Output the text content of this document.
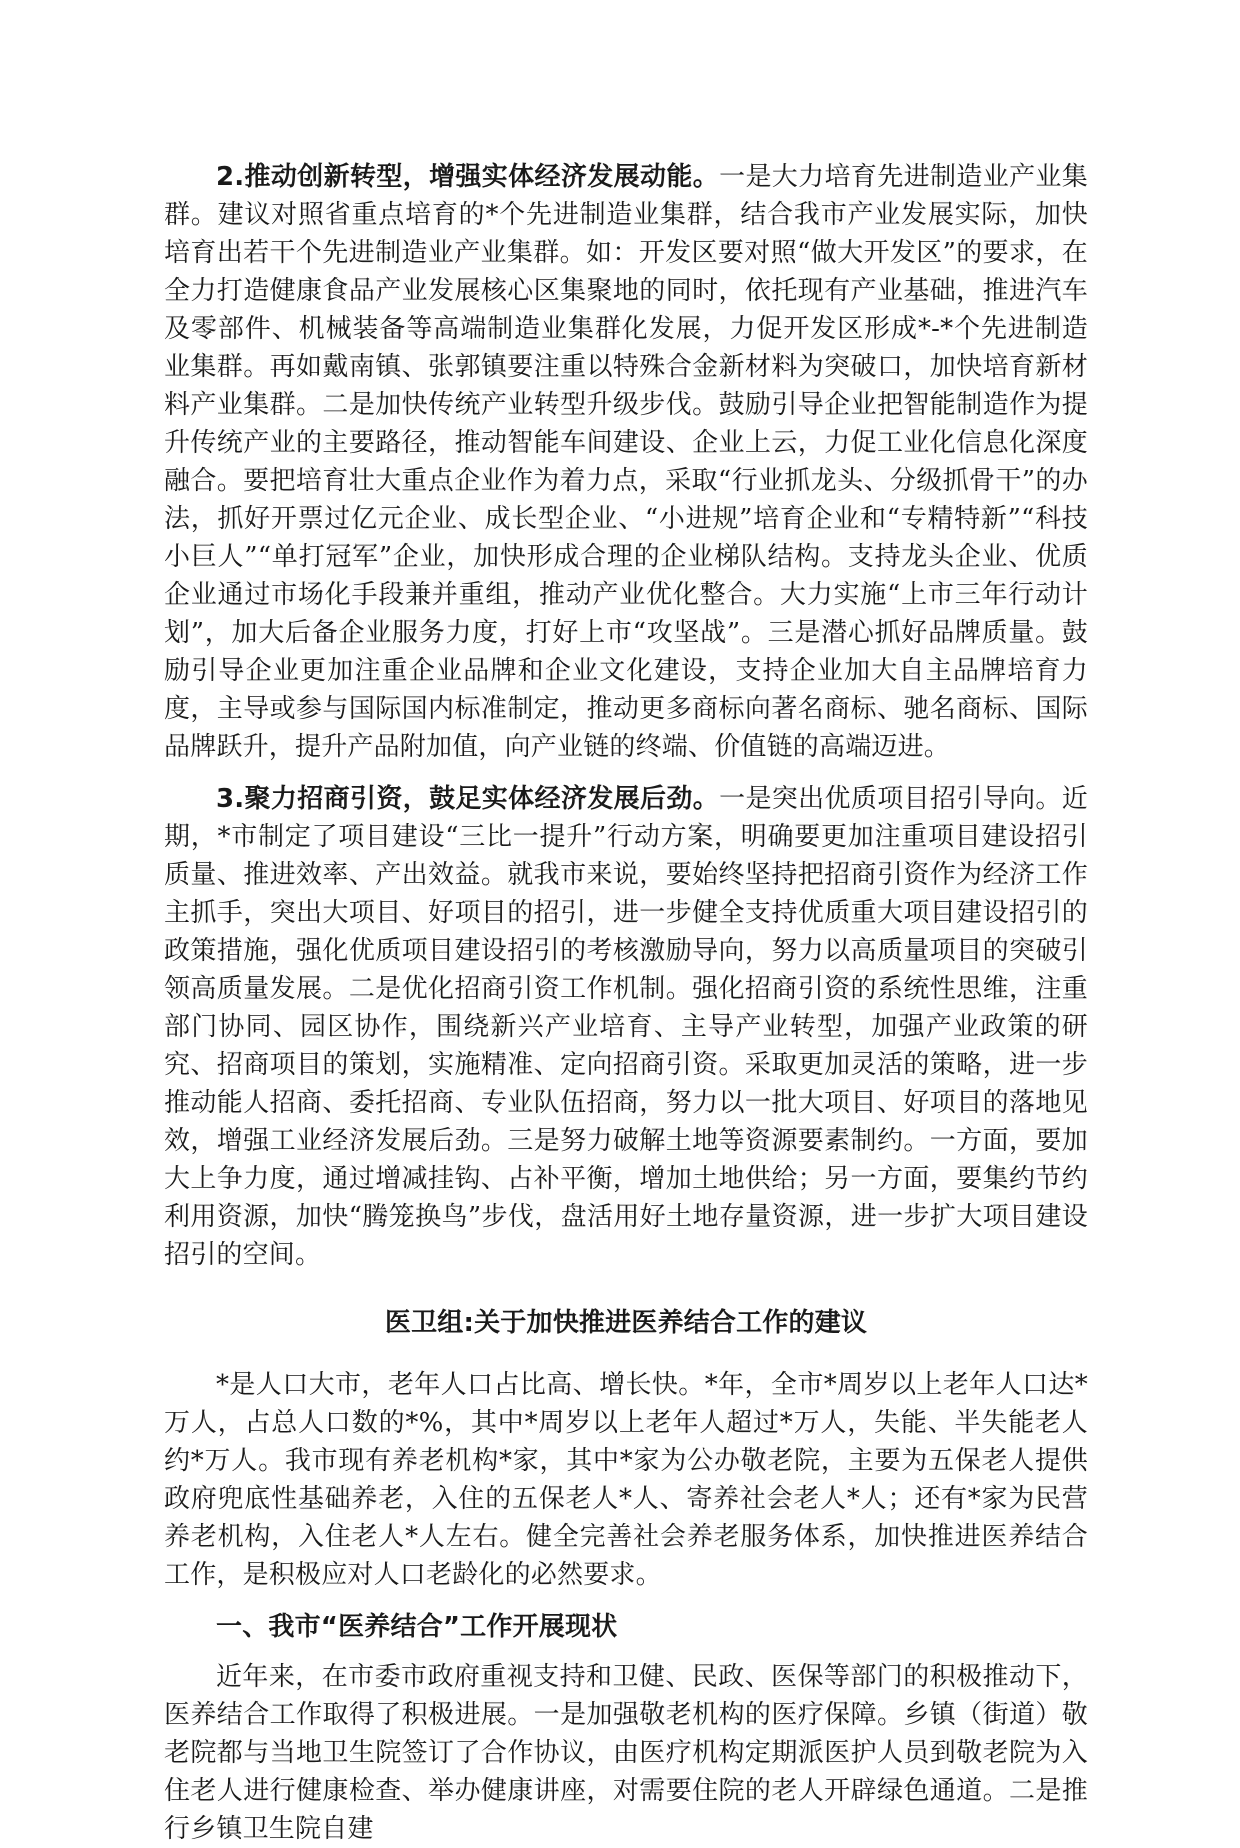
2.推动创新转型，增强实体经济发展动能。一是大力培育先进制造业产业集群。建议对照省重点培育的*个先进制造业集群，结合我市产业发展实际，加快培育出若干个先进制造业产业集群。如：开发区要对照“做大开发区”的要求，在全力打造健康食品产业发展核心区集聚地的同时，依托现有产业基础，推进汽车及零部件、机械装备等高端制造业集群化发展，力促开发区形成*-*个先进制造业集群。再如戴南镇、张郭镇要注重以特殊合金新材料为突破口，加快培育新材料产业集群。二是加快传统产业转型升级步伐。鼓励引导企业把智能制造作为提升传统产业的主要路径，推动智能车间建设、企业上云，力促工业化信息化深度融合。要把培育壮大重点企业作为着力点，采取“行业抓龙头、分级抓骨干”的办法，抓好开票过亿元企业、成长型企业、“小进规”培育企业和“专精特新”“科技小巨人”“单打冠军”企业，加快形成合理的企业梯队结构。支持龙头企业、优质企业通过市场化手段兼并重组，推动产业优化整合。大力实施“上市三年行动计划”，加大后备企业服务力度，打好上市“攻坚战”。三是潜心抓好品牌质量。鼓励引导企业更加注重企业品牌和企业文化建设，支持企业加大自主品牌培育力度，主导或参与国际国内标准制定，推动更多商标向著名商标、驰名商标、国际品牌跃升，提升产品附加值，向产业链的终端、价值链的高端迈进。

3.聚力招商引资，鼓足实体经济发展后劲。一是突出优质项目招引导向。近期，*市制定了项目建设“三比一提升”行动方案，明确要更加注重项目建设招引质量、推进效率、产出效益。就我市来说，要始终坚持把招商引资作为经济工作主抓手，突出大项目、好项目的招引，进一步健全支持优质重大项目建设招引的政策措施，强化优质项目建设招引的考核激励导向，努力以高质量项目的突破引领高质量发展。二是优化招商引资工作机制。强化招商引资的系统性思维，注重部门协同、园区协作，围绕新兴产业培育、主导产业转型，加强产业政策的研究、招商项目的策划，实施精准、定向招商引资。采取更加灵活的策略，进一步推动能人招商、委托招商、专业队伍招商，努力以一批大项目、好项目的落地见效，增强工业经济发展后劲。三是努力破解土地等资源要素制约。一方面，要加大上争力度，通过增减挂钩、占补平衡，增加土地供给；另一方面，要集约节约利用资源，加快“腾笼换鸟”步伐，盘活用好土地存量资源，进一步扩大项目建设招引的空间。

医卫组:关于加快推进医养结合工作的建议

*是人口大市，老年人口占比高、增长快。*年，全市*周岁以上老年人口达*万人，占总人口数的*%，其中*周岁以上老年人超过*万人，失能、半失能老人约*万人。我市现有养老机构*家，其中*家为公办敬老院，主要为五保老人提供政府兜底性基础养老，入住的五保老人*人、寄养社会老人*人；还有*家为民营养老机构，入住老人*人左右。健全完善社会养老服务体系，加快推进医养结合工作，是积极应对人口老龄化的必然要求。

一、我市“医养结合”工作开展现状

近年来，在市委市政府重视支持和卫健、民政、医保等部门的积极推动下，医养结合工作取得了积极进展。一是加强敬老机构的医疗保障。乡镇（街道）敬老院都与当地卫生院签订了合作协议，由医疗机构定期派医护人员到敬老院为入住老人进行健康检查、举办健康讲座，对需要住院的老人开辟绿色通道。二是推行乡镇卫生院自建
